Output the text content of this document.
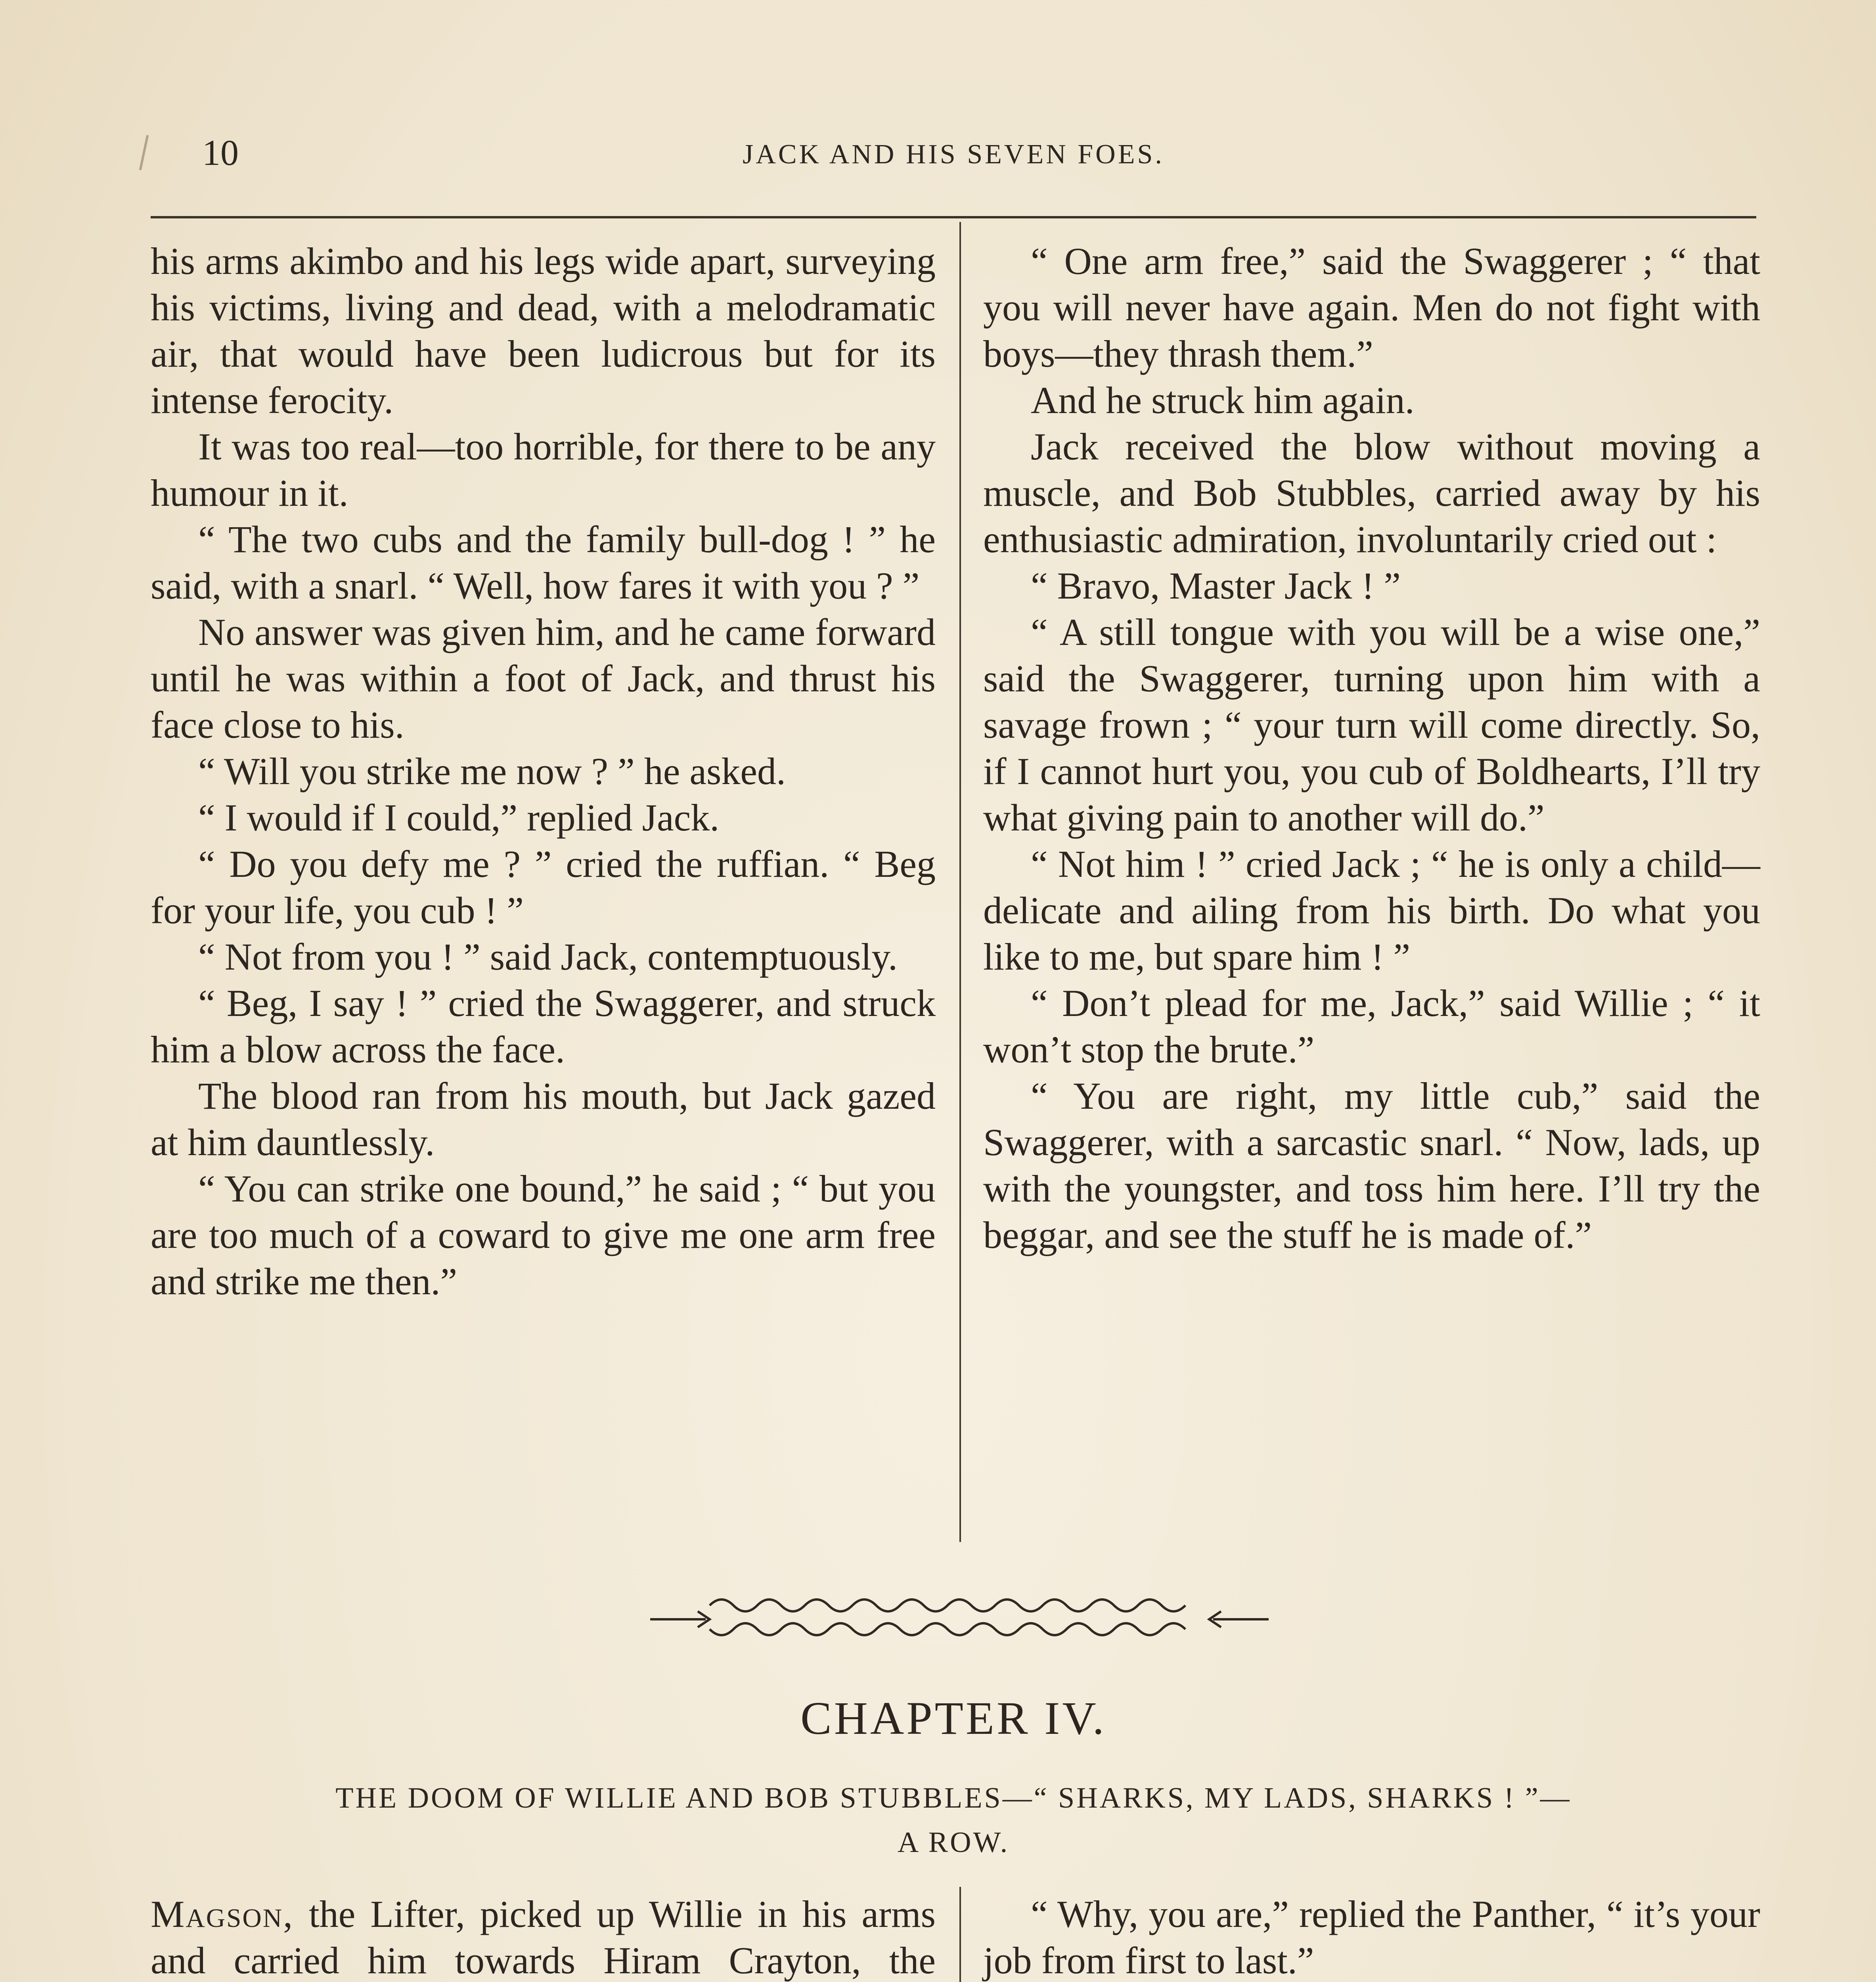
10	JACK AND HIS SEVEN FOES.

his arms akimbo and his legs wide apart, surveying his victims, living and dead, with a melodramatic air, that would have been ludicrous but for its intense ferocity.

It was too real—too horrible, for there to be any humour in it.

“ The two cubs and the family bull-dog ! ” he said, with a snarl. “ Well, how fares it with you ? ”

No answer was given him, and he came forward until he was within a foot of Jack, and thrust his face close to his.

“ Will you strike me now ? ” he asked.

“ I would if I could,” replied Jack.

“ Do you defy me ? ” cried the ruffian. “ Beg for your life, you cub ! ”

“ Not from you ! ” said Jack, contemptuously.

“ Beg, I say ! ” cried the Swaggerer, and struck him a blow across the face.

The blood ran from his mouth, but Jack gazed at him dauntlessly.

“ You can strike one bound,” he said ; “ but you are too much of a coward to give me one arm free and strike me then.”

“ One arm free,” said the Swaggerer ; “ that you will never have again. Men do not fight with boys—they thrash them.”

And he struck him again.

Jack received the blow without moving a muscle, and Bob Stubbles, carried away by his enthusiastic admiration, involuntarily cried out :

“ Bravo, Master Jack ! ”

“ A still tongue with you will be a wise one,” said the Swaggerer, turning upon him with a savage frown ; “ your turn will come directly. So, if I cannot hurt you, you cub of Boldhearts, I’ll try what giving pain to another will do.”

“ Not him ! ” cried Jack ; “ he is only a child—delicate and ailing from his birth. Do what you like to me, but spare him ! ”

“ Don’t plead for me, Jack,” said Willie ; “ it won’t stop the brute.”

“ You are right, my little cub,” said the Swaggerer, with a sarcastic snarl. “ Now, lads, up with the youngster, and toss him here. I’ll try the beggar, and see the stuff he is made of.”

CHAPTER IV.
THE DOOM OF WILLIE AND BOB STUBBLES—“ SHARKS, MY LADS, SHARKS ! ”—
A ROW.

Magson, the Lifter, picked up Willie in his arms and carried him towards Hiram Crayton, the

“ Why, you are,” replied the Panther, “ it’s your job from first to last.”
